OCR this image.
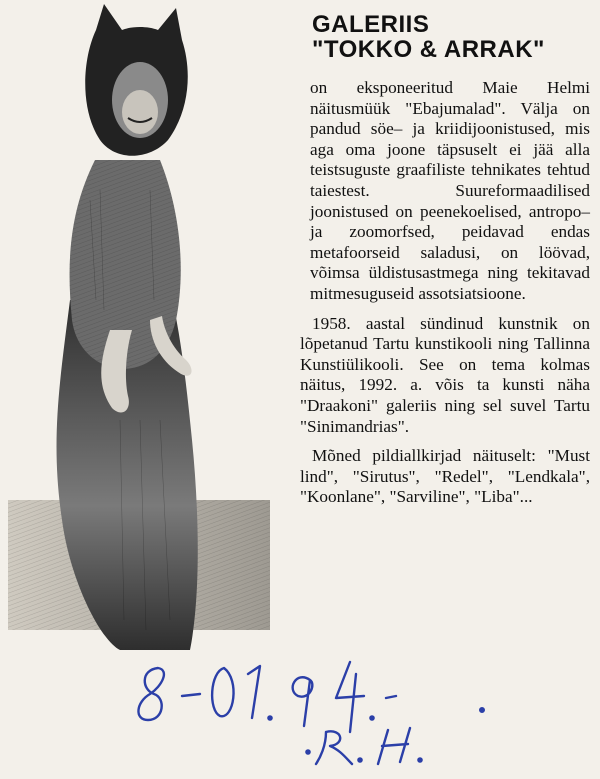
GALERIIS
"TOKKO & ARRAK"

on eksponeeritud Maie Helmi näitusmüük "Ebajumalad". Välja on pandud söe– ja kriidijoonistused, mis aga oma joone täpsuselt ei jää alla teistsuguste graafiliste tehnikates tehtud taiestest. Suureformaadilised joonistused on peenekoelised, antropo– ja zoomorfsed, peidavad endas metafoorseid saladusi, on löövad, võimsa üldistusastmega ning tekitavad mitmesuguseid assotsiatsioone.

1958. aastal sündinud kunstnik on lõpetanud Tartu kunstikooli ning Tallinna Kunstiülikooli. See on tema kolmas näitus, 1992. a. võis ta kunsti näha "Draakoni" galeriis ning sel suvel Tartu "Sinimandrias".

Mõned pildiallkirjad näituselt: "Must lind", "Sirutus", "Redel", "Lendkala", "Koonlane", "Sarviline", "Liba"...
